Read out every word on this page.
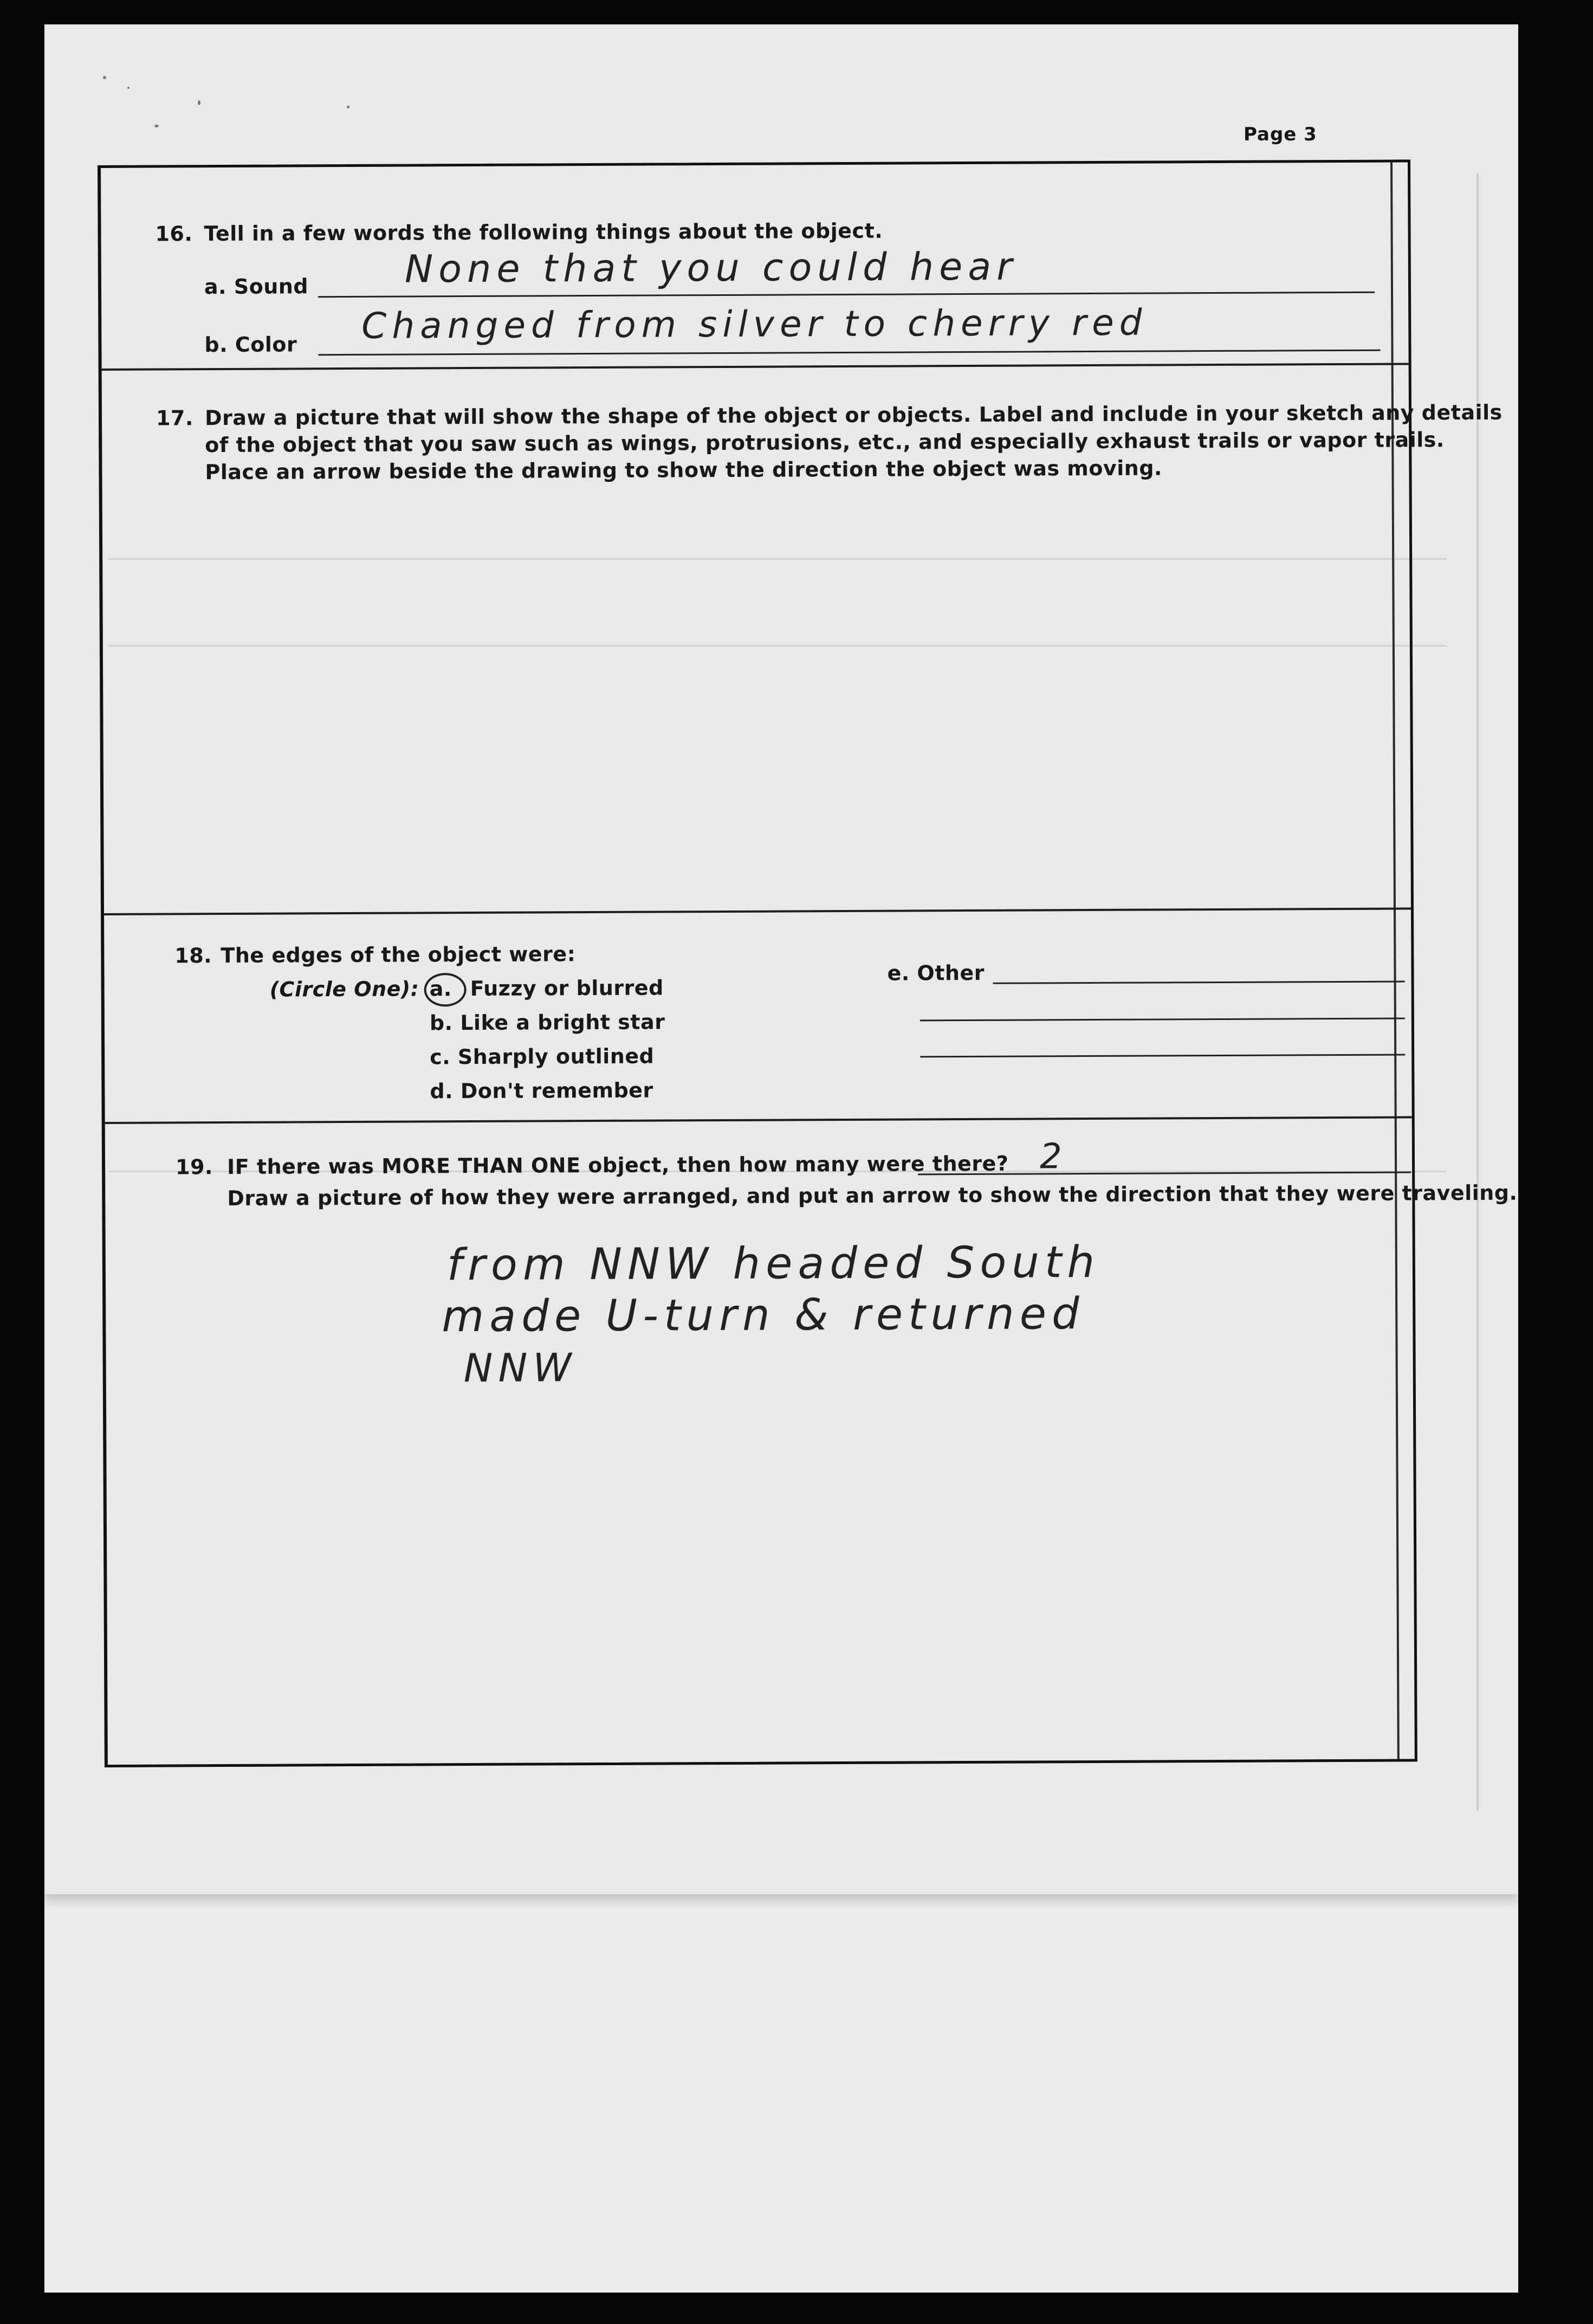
Page 3
16. Tell in a few words the following things about the object.
a. Sound	None that you could hear
b. Color Changed from silver to cherry red
17. Draw a picture that will show the shape of the object or objects. Label and include in your sketch any details
of the object that you saw such as wings, protrusions, etc., and especially exhaust trails or vapor trails.
Place an arrow beside the drawing to show the direction the object was moving.
18. The edges of the object were:
(Circle One): a. Fuzzy or blurred
b. Like a bright star
c. Sharply outlined
d. Don't remember
e. Other
19. IF there was MORE THAN ONE object, then how many were there? 2
Draw a picture of how they were arranged, and put an arrow to show the direction that they were traveling.
from NNW headed South
made U-turn & returned
NNW
